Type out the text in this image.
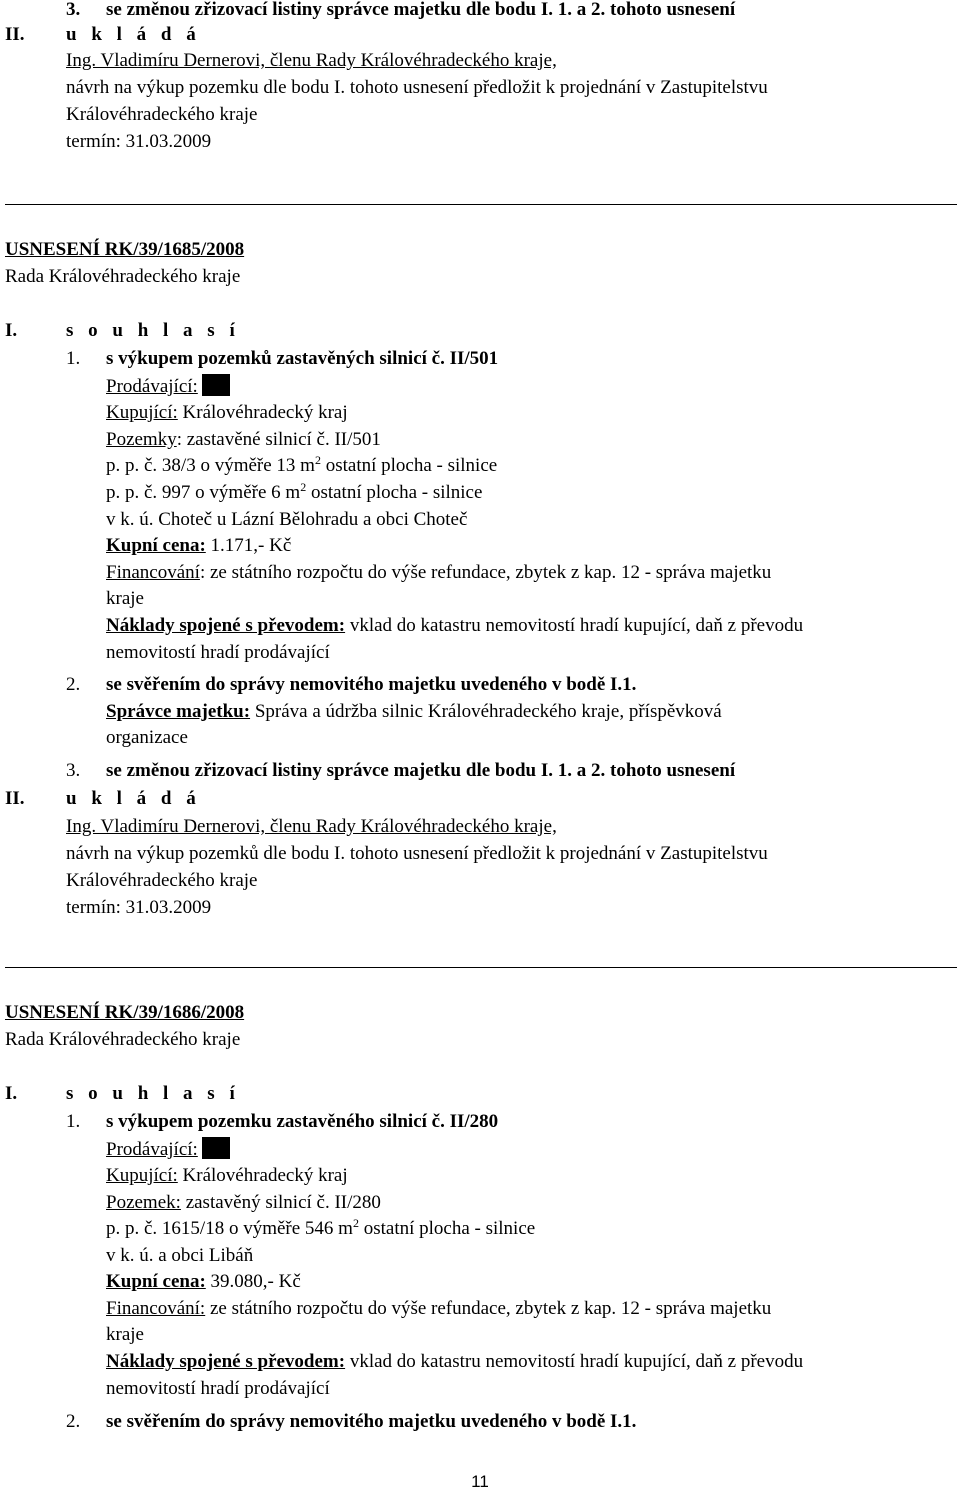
3. se změnou zřizovací listiny správce majetku dle bodu I. 1. a 2. tohoto usnesení
II. u k l á d á
Ing. Vladimíru Dernerovi, členu Rady Královéhradeckého kraje,
návrh na výkup pozemku dle bodu I. tohoto usnesení předložit k projednání v Zastupitelstvu
Královéhradeckého kraje
termín: 31.03.2009
USNESENÍ RK/39/1685/2008
Rada Královéhradeckého kraje
I.	s o u h l a s í
1. s výkupem pozemků zastavěných silnicí č. II/501
Prodávající:
Kupující: Královéhradecký kraj
Pozemky: zastavěné silnicí č. II/501
p. p. č. 38/3 o výměře 13 $m^2$ ostatní plocha - silnice
p. p. č. 997 o výměře 6 $m^2$ ostatní plocha - silnice
v k. ú. Choteč u Lázní Bělohradu a obci Choteč
Kupní cena: 1.171,- Kč
Financování: ze státního rozpočtu do výše refundace, zbytek z kap. 12 - správa majetku
kraje
Náklady spojené s převodem: vklad do katastru nemovitostí hradí kupující, daň z převodu
nemovitostí hradí prodávající
2. se svěřením do správy nemovitého majetku uvedeného v bodě I.1.
Správce majetku: Správa a údržba silnic Královéhradeckého kraje, příspěvková
organizace
3. se změnou zřizovací listiny správce majetku dle bodu I. 1. a 2. tohoto usnesení
II. u k l á d á
Ing. Vladimíru Dernerovi, členu Rady Královéhradeckého kraje,
návrh na výkup pozemků dle bodu I. tohoto usnesení předložit k projednání v Zastupitelstvu
Královéhradeckého kraje
termín: 31.03.2009
USNESENÍ RK/39/1686/2008
Rada Královéhradeckého kraje
I.	s o u h l a s í
1. s výkupem pozemku zastavěného silnicí č. II/280
Prodávající:
Kupující: Královéhradecký kraj
Pozemek: zastavěný silnicí č. II/280
p. p. č. 1615/18 o výměře 546 $m^2$ ostatní plocha - silnice
v k. ú. a obci Libáň
Kupní cena: 39.080,- Kč
Financování: ze státního rozpočtu do výše refundace, zbytek z kap. 12 - správa majetku
kraje
Náklady spojené s převodem: vklad do katastru nemovitostí hradí kupující, daň z převodu
nemovitostí hradí prodávající
2. se svěřením do správy nemovitého majetku uvedeného v bodě I.1.
11
